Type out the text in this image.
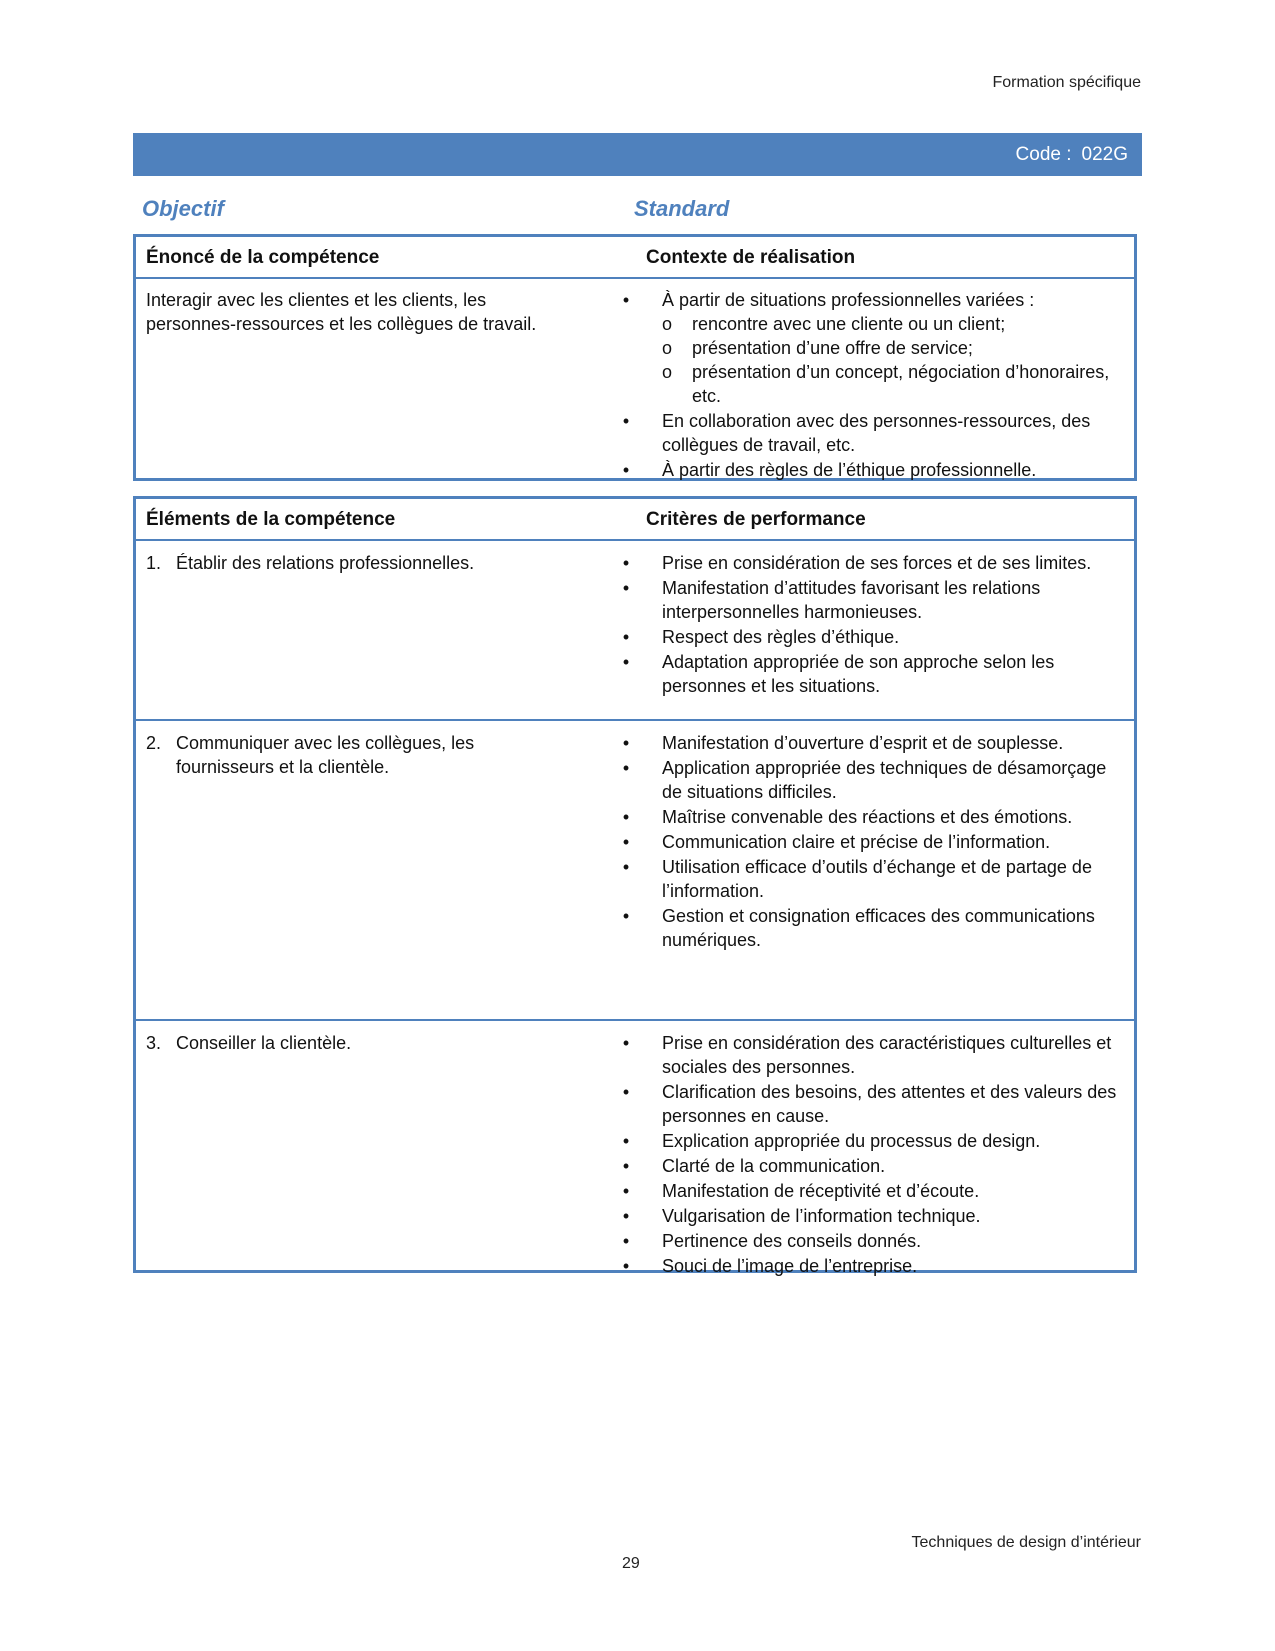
Formation spécifique
Code : 022G
Objectif	Standard
Énoncé de la compétence	Contexte de réalisation
Interagir avec les clientes et les clients, les
personnes-ressources et les collègues de travail.
•	À partir de situations professionnelles variées :
o rencontre avec une cliente ou un client;
o présentation d’une offre de service;
o présentation d’un concept, négociation d’honoraires, etc.
•	En collaboration avec des personnes-ressources, des collègues de travail, etc.
•	À partir des règles de l’éthique professionnelle.
Éléments de la compétence	Critères de performance
1. Établir des relations professionnelles.	•	Prise en considération de ses forces et de ses limites.
•	Manifestation d’attitudes favorisant les relations interpersonnelles harmonieuses.
•	Respect des règles d’éthique.
•	Adaptation appropriée de son approche selon les personnes et les situations.
2. Communiquer avec les collègues, les fournisseurs et la clientèle.
•	Manifestation d’ouverture d’esprit et de souplesse.
•	Application appropriée des techniques de désamorçage de situations difficiles.
•	Maîtrise convenable des réactions et des émotions.
•	Communication claire et précise de l’information.
•	Utilisation efficace d’outils d’échange et de partage de l’information.
•	Gestion et consignation efficaces des communications numériques.
3. Conseiller la clientèle.	•	Prise en considération des caractéristiques culturelles et sociales des personnes.
•	Clarification des besoins, des attentes et des valeurs des personnes en cause.
•	Explication appropriée du processus de design.
•	Clarté de la communication.
•	Manifestation de réceptivité et d’écoute.
•	Vulgarisation de l’information technique.
•	Pertinence des conseils donnés.
•	Souci de l’image de l’entreprise.
Techniques de design d’intérieur
29
